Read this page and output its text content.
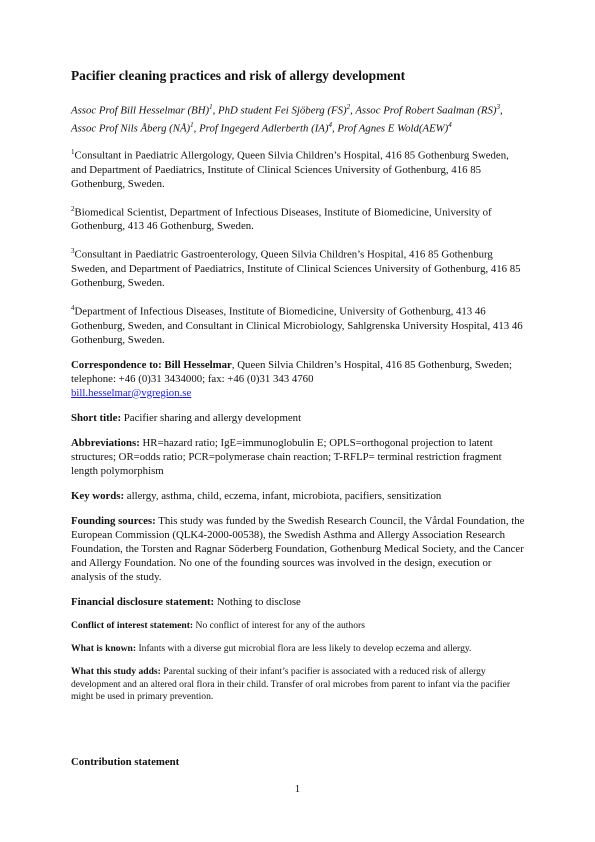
Pacifier cleaning practices and risk of allergy development

Assoc Prof Bill Hesselmar (BH)$^1$, PhD student Fei Sjöberg (FS)$^2$, Assoc Prof Robert Saalman (RS)$^3$, Assoc Prof Nils Åberg (NÅ)$^1$, Prof Ingegerd Adlerberth (IA)$^4$, Prof Agnes E Wold(AEW)$^4$

$^1$Consultant in Paediatric Allergology, Queen Silvia Children’s Hospital, 416 85 Gothenburg Sweden, and Department of Paediatrics, Institute of Clinical Sciences University of Gothenburg, 416 85 Gothenburg, Sweden.

$^2$Biomedical Scientist, Department of Infectious Diseases, Institute of Biomedicine, University of Gothenburg, 413 46 Gothenburg, Sweden.

$^3$Consultant in Paediatric Gastroenterology, Queen Silvia Children’s Hospital, 416 85 Gothenburg Sweden, and Department of Paediatrics, Institute of Clinical Sciences University of Gothenburg, 416 85 Gothenburg, Sweden.

$^4$Department of Infectious Diseases, Institute of Biomedicine, University of Gothenburg, 413 46 Gothenburg, Sweden, and Consultant in Clinical Microbiology, Sahlgrenska University Hospital, 413 46 Gothenburg, Sweden.

Correspondence to: Bill Hesselmar, Queen Silvia Children’s Hospital, 416 85 Gothenburg, Sweden; telephone: +46 (0)31 3434000; fax: +46 (0)31 343 4760
bill.hesselmar@vgregion.se

Short title: Pacifier sharing and allergy development

Abbreviations: HR=hazard ratio; IgE=immunoglobulin E; OPLS=orthogonal projection to latent structures; OR=odds ratio; PCR=polymerase chain reaction; T-RFLP= terminal restriction fragment length polymorphism

Key words: allergy, asthma, child, eczema, infant, microbiota, pacifiers, sensitization

Founding sources: This study was funded by the Swedish Research Council, the Vårdal Foundation, the European Commission (QLK4-2000-00538), the Swedish Asthma and Allergy Association Research Foundation, the Torsten and Ragnar Söderberg Foundation, Gothenburg Medical Society, and the Cancer and Allergy Foundation. No one of the founding sources was involved in the design, execution or analysis of the study.

Financial disclosure statement: Nothing to disclose

Conflict of interest statement: No conflict of interest for any of the authors

What is known: Infants with a diverse gut microbial flora are less likely to develop eczema and allergy.

What this study adds: Parental sucking of their infant’s pacifier is associated with a reduced risk of allergy development and an altered oral flora in their child. Transfer of oral microbes from parent to infant via the pacifier might be used in primary prevention.

Contribution statement
1
